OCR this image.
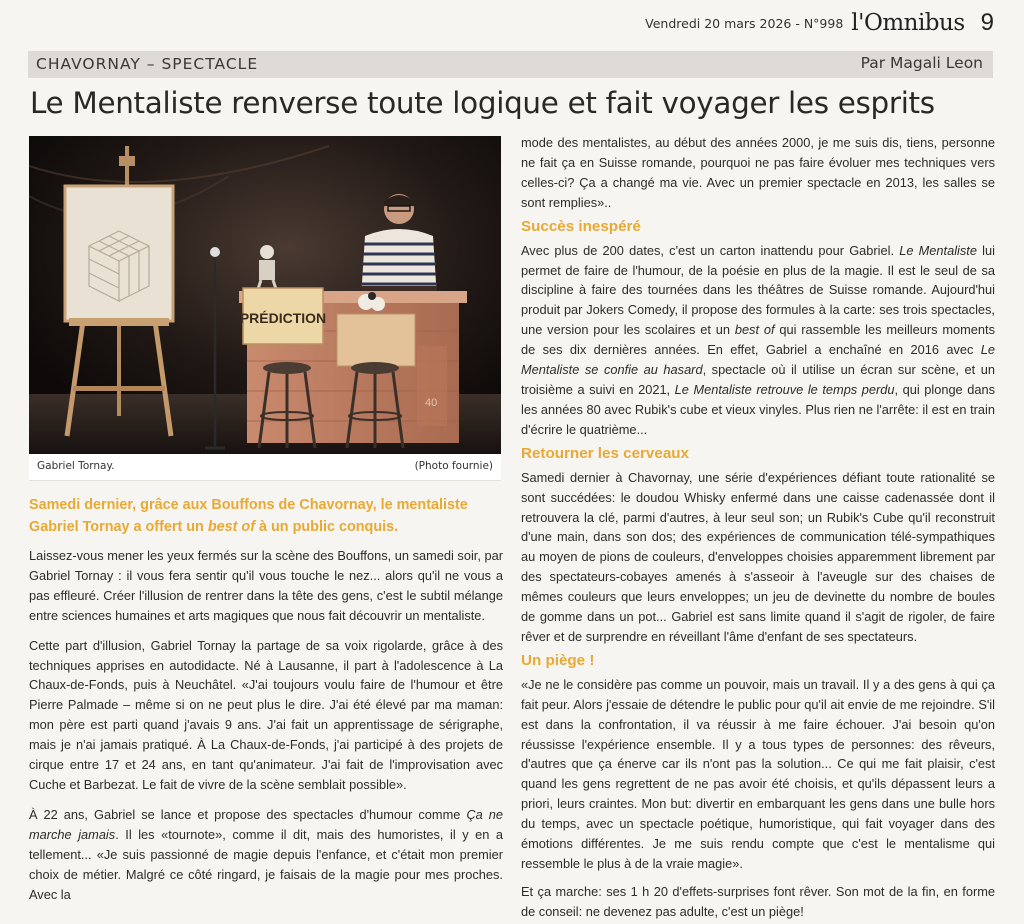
Vendredi 20 mars 2026 - N°998 l'Omnibus 9
CHAVORNAY – SPECTACLE	Par Magali Leon
Le Mentaliste renverse toute logique et fait voyager les esprits
40
PRÉDICTION
Gabriel Tornay.	(Photo fournie)

Samedi dernier, grâce aux Bouffons de Chavornay, le mentaliste Gabriel Tornay a offert un best of à un public conquis.

Laissez-vous mener les yeux fermés sur la scène des Bouffons, un samedi soir, par Gabriel Tornay : il vous fera sentir qu'il vous touche le nez... alors qu'il ne vous a pas effleuré. Créer l'illusion de rentrer dans la tête des gens, c'est le subtil mélange entre sciences humaines et arts magiques que nous fait découvrir un mentaliste.

Cette part d'illusion, Gabriel Tornay la partage de sa voix rigolarde, grâce à des techniques apprises en autodidacte. Né à Lausanne, il part à l'adolescence à La Chaux-de-Fonds, puis à Neuchâtel. «J'ai toujours voulu faire de l'humour et être Pierre Palmade – même si on ne peut plus le dire. J'ai été élevé par ma maman: mon père est parti quand j'avais 9 ans. J'ai fait un apprentissage de sérigraphe, mais je n'ai jamais pratiqué. À La Chaux-de-Fonds, j'ai participé à des projets de cirque entre 17 et 24 ans, en tant qu'animateur. J'ai fait de l'improvisation avec Cuche et Barbezat. Le fait de vivre de la scène semblait possible».

À 22 ans, Gabriel se lance et propose des spectacles d'humour comme Ça ne marche jamais. Il les «tournote», comme il dit, mais des humoristes, il y en a tellement... «Je suis passionné de magie depuis l'enfance, et c'était mon premier choix de métier. Malgré ce côté ringard, je faisais de la magie pour mes proches. Avec la

mode des mentalistes, au début des années 2000, je me suis dis, tiens, personne ne fait ça en Suisse romande, pourquoi ne pas faire évoluer mes techniques vers celles-ci? Ça a changé ma vie. Avec un premier spectacle en 2013, les salles se sont remplies»..

Succès inespéré

Avec plus de 200 dates, c'est un carton inattendu pour Gabriel. Le Mentaliste lui permet de faire de l'humour, de la poésie en plus de la magie. Il est le seul de sa discipline à faire des tournées dans les théâtres de Suisse romande. Aujourd'hui produit par Jokers Comedy, il propose des formules à la carte: ses trois spectacles, une version pour les scolaires et un best of qui rassemble les meilleurs moments de ses dix dernières années. En effet, Gabriel a enchaîné en 2016 avec Le Mentaliste se confie au hasard, spectacle où il utilise un écran sur scène, et un troisième a suivi en 2021, Le Mentaliste retrouve le temps perdu, qui plonge dans les années 80 avec Rubik's cube et vieux vinyles. Plus rien ne l'arrête: il est en train d'écrire le quatrième...

Retourner les cerveaux

Samedi dernier à Chavornay, une série d'expériences défiant toute rationalité se sont succédées: le doudou Whisky enfermé dans une caisse cadenassée dont il retrouvera la clé, parmi d'autres, à leur seul son; un Rubik's Cube qu'il reconstruit d'une main, dans son dos; des expériences de communication télé-sympathiques au moyen de pions de couleurs, d'enveloppes choisies apparemment librement par des spectateurs-cobayes amenés à s'asseoir à l'aveugle sur des chaises de mêmes couleurs que leurs enveloppes; un jeu de devinette du nombre de boules de gomme dans un pot... Gabriel est sans limite quand il s'agit de rigoler, de faire rêver et de surprendre en réveillant l'âme d'enfant de ses spectateurs.

Un piège !

«Je ne le considère pas comme un pouvoir, mais un travail. Il y a des gens à qui ça fait peur. Alors j'essaie de détendre le public pour qu'il ait envie de me rejoindre. S'il est dans la confrontation, il va réussir à me faire échouer. J'ai besoin qu'on réussisse l'expérience ensemble. Il y a tous types de personnes: des rêveurs, d'autres que ça énerve car ils n'ont pas la solution... Ce qui me fait plaisir, c'est quand les gens regrettent de ne pas avoir été choisis, et qu'ils dépassent leurs a priori, leurs craintes. Mon but: divertir en embarquant les gens dans une bulle hors du temps, avec un spectacle poétique, humoristique, qui fait voyager dans des émotions différentes. Je me suis rendu compte que c'est le mentalisme qui ressemble le plus à de la vraie magie».

Et ça marche: ses 1 h 20 d'effets-surprises font rêver. Son mot de la fin, en forme de conseil: ne devenez pas adulte, c'est un piège!
